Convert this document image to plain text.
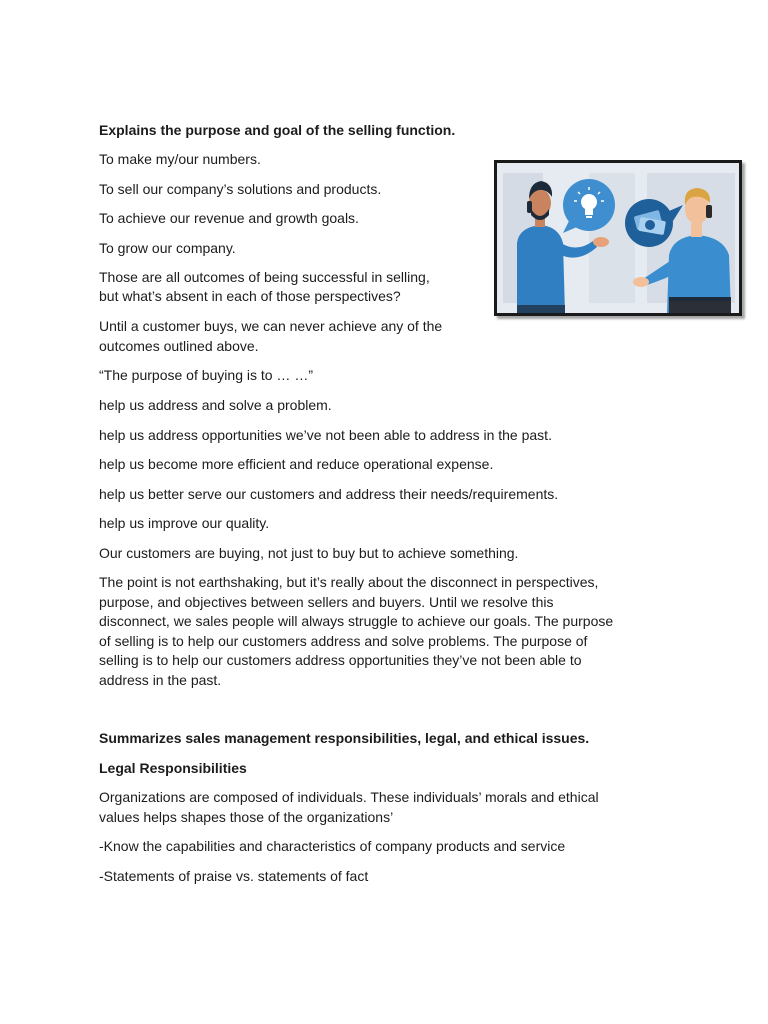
Explains the purpose and goal of the selling function.

To make my/our numbers.

To sell our company’s solutions and products.

To achieve our revenue and growth goals.

To grow our company.

Those are all outcomes of being successful in selling,

but what’s absent in each of those perspectives?

Until a customer buys, we can never achieve any of the

outcomes outlined above.

“The purpose of buying is to … …”

help us address and solve a problem.

help us address opportunities we’ve not been able to address in the past.

help us become more efficient and reduce operational expense.

help us better serve our customers and address their needs/requirements.

help us improve our quality.

Our customers are buying, not just to buy but to achieve something.

The point is not earthshaking, but it’s really about the disconnect in perspectives,

purpose, and objectives between sellers and buyers. Until we resolve this

disconnect, we sales people will always struggle to achieve our goals. The purpose

of selling is to help our customers address and solve problems. The purpose of

selling is to help our customers address opportunities they’ve not been able to

address in the past.

Summarizes sales management responsibilities, legal, and ethical issues.

Legal Responsibilities

Organizations are composed of individuals. These individuals’ morals and ethical

values helps shapes those of the organizations’

-Know the capabilities and characteristics of company products and service

-Statements of praise vs. statements of fact
